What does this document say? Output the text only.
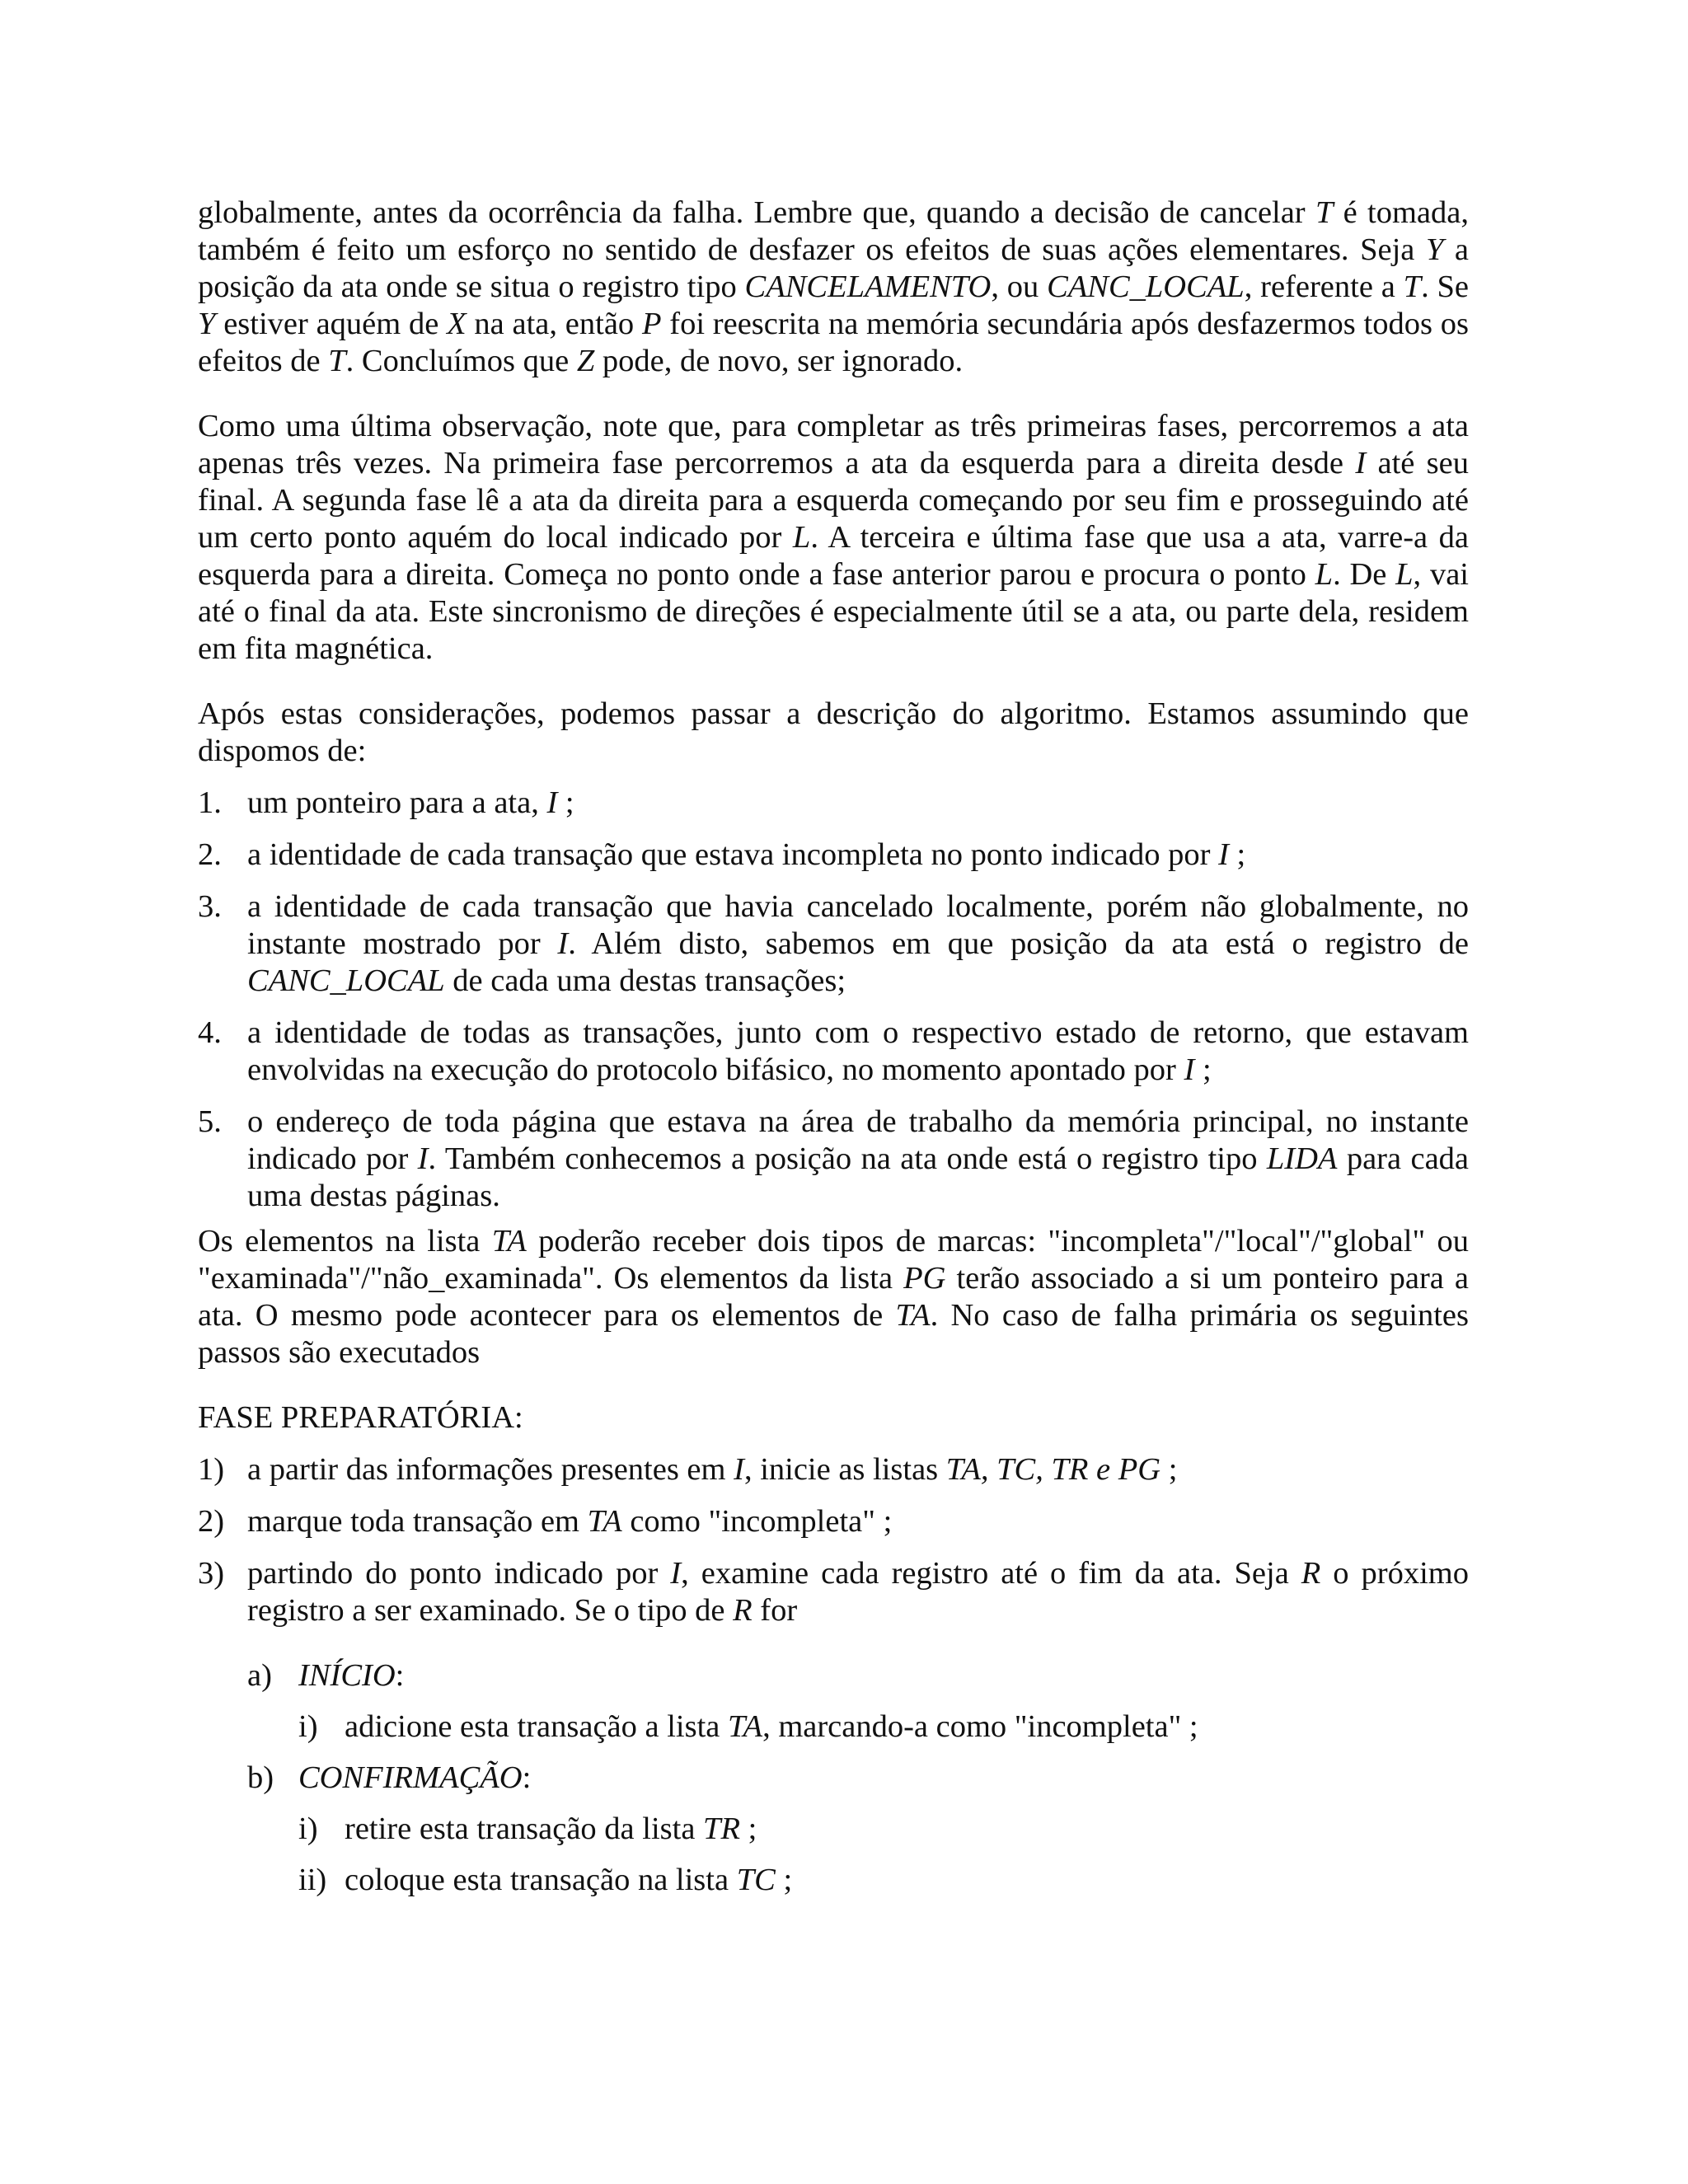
globalmente, antes da ocorrência da falha. Lembre que, quando a decisão de cancelar T é tomada, também é feito um esforço no sentido de desfazer os efeitos de suas ações elementares. Seja Y a posição da ata onde se situa o registro tipo CANCELAMENTO, ou CANC_LOCAL, referente a T. Se Y estiver aquém de X na ata, então P foi reescrita na memória secundária após desfazermos todos os efeitos de T. Concluímos que Z pode, de novo, ser ignorado.

Como uma última observação, note que, para completar as três primeiras fases, percorremos a ata apenas três vezes. Na primeira fase percorremos a ata da esquerda para a direita desde I até seu final. A segunda fase lê a ata da direita para a esquerda começando por seu fim e prosseguindo até um certo ponto aquém do local indicado por L. A terceira e última fase que usa a ata, varre-a da esquerda para a direita. Começa no ponto onde a fase anterior parou e procura o ponto L. De L, vai até o final da ata. Este sincronismo de direções é especialmente útil se a ata, ou parte dela, residem em fita magnética.

Após estas considerações, podemos passar a descrição do algoritmo. Estamos assumindo que dispomos de:

1. um ponteiro para a ata, I ;
2. a identidade de cada transação que estava incompleta no ponto indicado por I ;
3. a identidade de cada transação que havia cancelado localmente, porém não globalmente, no instante mostrado por I. Além disto, sabemos em que posição da ata está o registro de CANC_LOCAL de cada uma destas transações;
4. a identidade de todas as transações, junto com o respectivo estado de retorno, que estavam envolvidas na execução do protocolo bifásico, no momento apontado por I ;
5. o endereço de toda página que estava na área de trabalho da memória principal, no instante indicado por I. Também conhecemos a posição na ata onde está o registro tipo LIDA para cada uma destas páginas.

Os elementos na lista TA poderão receber dois tipos de marcas: "incompleta"/"local"/"global" ou "examinada"/"não_examinada". Os elementos da lista PG terão associado a si um ponteiro para a ata. O mesmo pode acontecer para os elementos de TA. No caso de falha primária os seguintes passos são executados

FASE PREPARATÓRIA:

1) a partir das informações presentes em I, inicie as listas TA, TC, TR e PG ;
2) marque toda transação em TA como "incompleta" ;
3) partindo do ponto indicado por I, examine cada registro até o fim da ata. Seja R o próximo registro a ser examinado. Se o tipo de R for
a) INÍCIO:
i) adicione esta transação a lista TA, marcando-a como "incompleta" ;
b) CONFIRMAÇÃO:
i) retire esta transação da lista TR ;
ii) coloque esta transação na lista TC ;
